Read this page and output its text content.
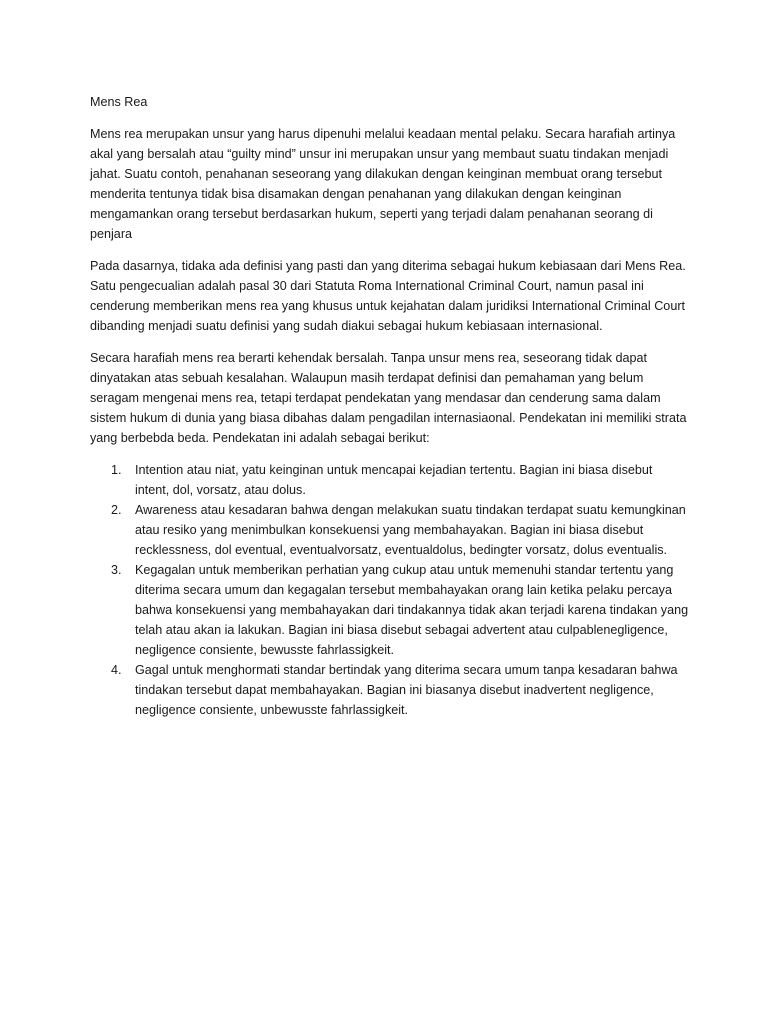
Mens Rea

Mens rea merupakan unsur yang harus dipenuhi melalui keadaan mental pelaku. Secara harafiah artinya akal yang bersalah atau “guilty mind” unsur ini merupakan unsur yang membaut suatu tindakan menjadi jahat. Suatu contoh, penahanan seseorang yang dilakukan dengan keinginan membuat orang tersebut menderita tentunya tidak bisa disamakan dengan penahanan yang dilakukan dengan keinginan mengamankan orang tersebut berdasarkan hukum, seperti yang terjadi dalam penahanan seorang di penjara

Pada dasarnya, tidaka ada definisi yang pasti dan yang diterima sebagai hukum kebiasaan dari Mens Rea. Satu pengecualian adalah pasal 30 dari Statuta Roma International Criminal Court, namun pasal ini cenderung memberikan mens rea yang khusus untuk kejahatan dalam juridiksi International Criminal Court dibanding menjadi suatu definisi yang sudah diakui sebagai hukum kebiasaan internasional.

Secara harafiah mens rea berarti kehendak bersalah. Tanpa unsur mens rea, seseorang tidak dapat dinyatakan atas sebuah kesalahan. Walaupun masih terdapat definisi dan pemahaman yang belum seragam mengenai mens rea, tetapi terdapat pendekatan yang mendasar dan cenderung sama dalam sistem hukum di dunia yang biasa dibahas dalam pengadilan internasiaonal. Pendekatan ini memiliki strata yang berbebda beda. Pendekatan ini adalah sebagai berikut:

1.	Intention atau niat, yatu keinginan untuk mencapai kejadian tertentu. Bagian ini biasa disebut intent, dol, vorsatz, atau dolus.
2.	Awareness atau kesadaran bahwa dengan melakukan suatu tindakan terdapat suatu kemungkinan atau resiko yang menimbulkan konsekuensi yang membahayakan. Bagian ini biasa disebut recklessness, dol eventual, eventualvorsatz, eventualdolus, bedingter vorsatz, dolus eventualis.
3.	Kegagalan untuk memberikan perhatian yang cukup atau untuk memenuhi standar tertentu yang diterima secara umum dan kegagalan tersebut membahayakan orang lain ketika pelaku percaya bahwa konsekuensi yang membahayakan dari tindakannya tidak akan terjadi karena tindakan yang telah atau akan ia lakukan. Bagian ini biasa disebut sebagai advertent atau culpablenegligence, negligence consiente, bewusste fahrlassigkeit.
4.	Gagal untuk menghormati standar bertindak yang diterima secara umum tanpa kesadaran bahwa tindakan tersebut dapat membahayakan. Bagian ini biasanya disebut inadvertent negligence, negligence consiente, unbewusste fahrlassigkeit.
